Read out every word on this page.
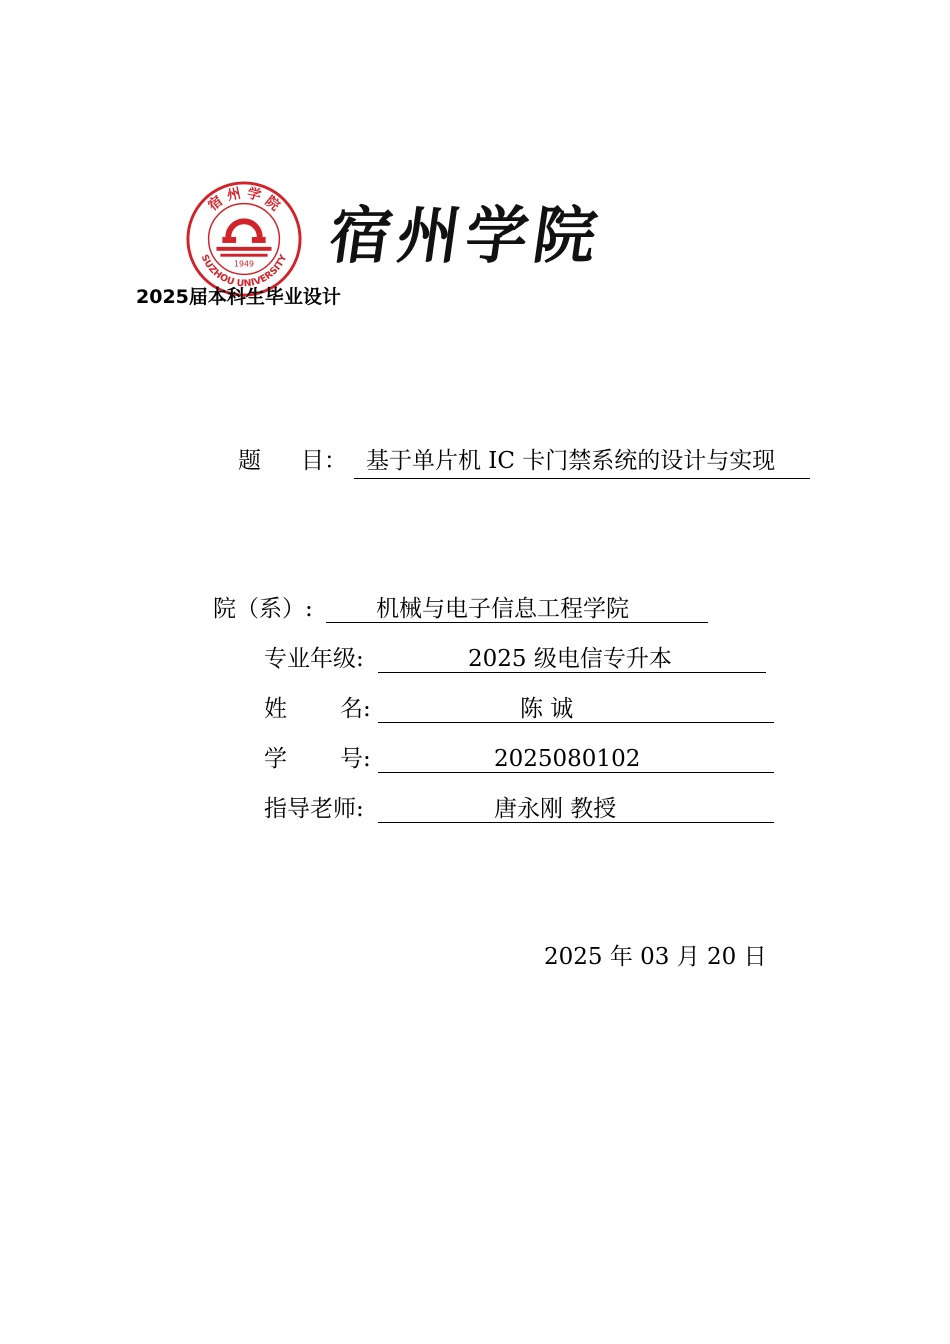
宿 州 学 院
SUZHOU UNIVERSITY
1949 宿州学院
2025届本科生毕业设计
题 目： 基于单片机 IC 卡门禁系统的设计与实现
院（系）:	机械与电子信息工程学院
专业年级:	2025 级电信专升本
姓 名:	陈 诚
学 号:	2025080102
指导老师:	唐永刚 教授
2025 年 03 月 20 日
